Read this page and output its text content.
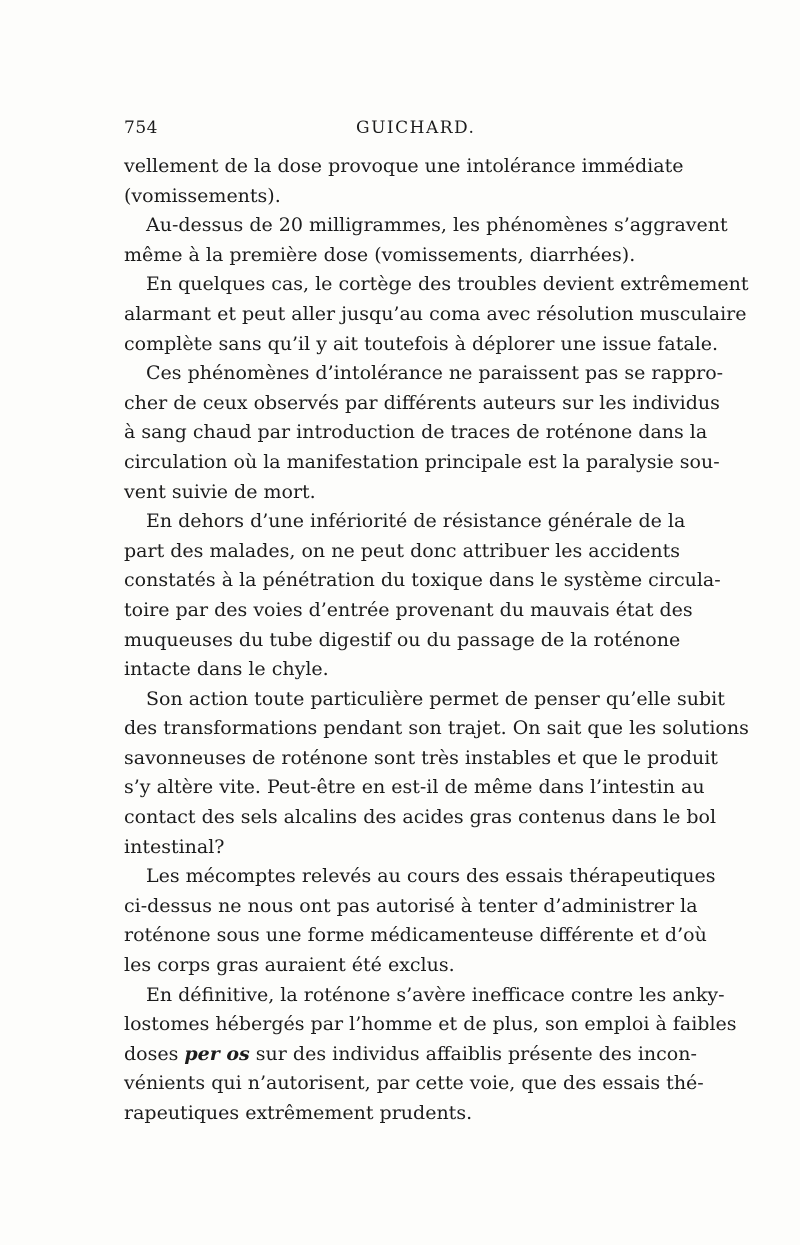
754	GUICHARD.
vellement de la dose provoque une intolérance immédiate
(vomissements).
Au-dessus de 20 milligrammes, les phénomènes s’aggravent
même à la première dose (vomissements, diarrhées).
En quelques cas, le cortège des troubles devient extrêmement
alarmant et peut aller jusqu’au coma avec résolution musculaire
complète sans qu’il y ait toutefois à déplorer une issue fatale.
Ces phénomènes d’intolérance ne paraissent pas se rappro-
cher de ceux observés par différents auteurs sur les individus
à sang chaud par introduction de traces de roténone dans la
circulation où la manifestation principale est la paralysie sou-
vent suivie de mort.
En dehors d’une infériorité de résistance générale de la
part des malades, on ne peut donc attribuer les accidents
constatés à la pénétration du toxique dans le système circula-
toire par des voies d’entrée provenant du mauvais état des
muqueuses du tube digestif ou du passage de la roténone
intacte dans le chyle.
Son action toute particulière permet de penser qu’elle subit
des transformations pendant son trajet. On sait que les solutions
savonneuses de roténone sont très instables et que le produit
s’y altère vite. Peut-être en est-il de même dans l’intestin au
contact des sels alcalins des acides gras contenus dans le bol
intestinal?
Les mécomptes relevés au cours des essais thérapeutiques
ci-dessus ne nous ont pas autorisé à tenter d’administrer la
roténone sous une forme médicamenteuse différente et d’où
les corps gras auraient été exclus.
En définitive, la roténone s’avère inefficace contre les anky-
lostomes hébergés par l’homme et de plus, son emploi à faibles
doses per os sur des individus affaiblis présente des incon-
vénients qui n’autorisent, par cette voie, que des essais thé-
rapeutiques extrêmement prudents.
